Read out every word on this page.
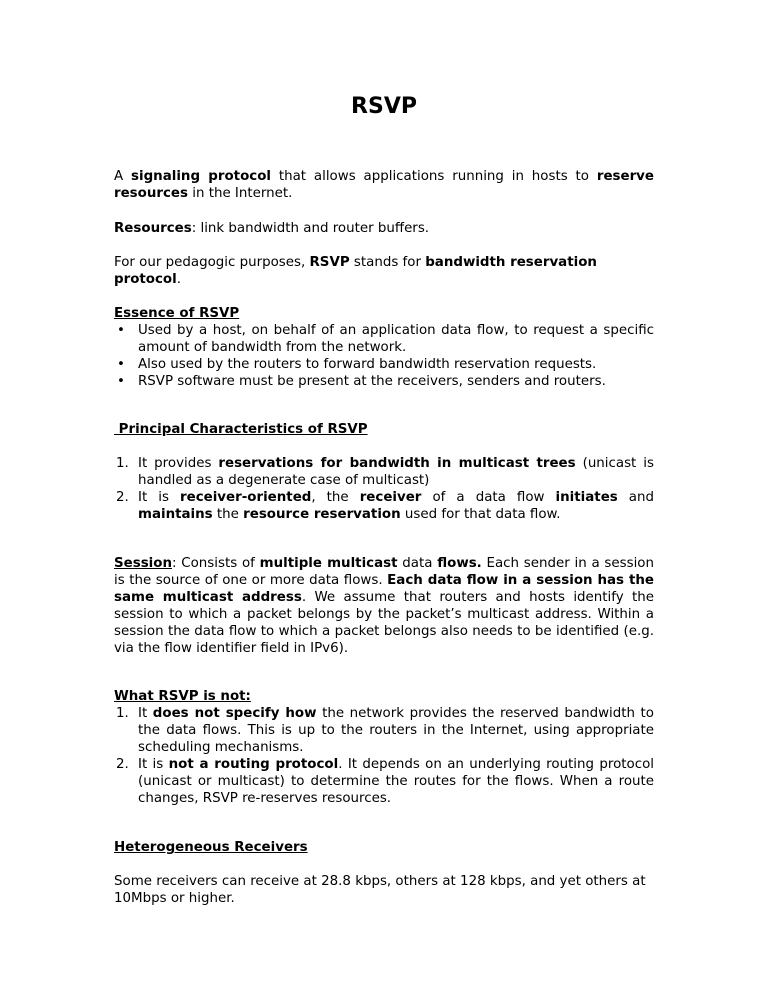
RSVP

A signaling protocol that allows applications running in hosts to reserve resources in the Internet.

Resources: link bandwidth and router buffers.

For our pedagogic purposes, RSVP stands for bandwidth reservation protocol.

Essence of RSVP
• Used by a host, on behalf of an application data flow, to request a specific amount of bandwidth from the network.
• Also used by the routers to forward bandwidth reservation requests.
• RSVP software must be present at the receivers, senders and routers.
Principal Characteristics of RSVP
1. It provides reservations for bandwidth in multicast trees (unicast is handled as a degenerate case of multicast)
2. It is receiver-oriented, the receiver of a data flow initiates and maintains the resource reservation used for that data flow.

Session: Consists of multiple multicast data flows. Each sender in a session is the source of one or more data flows. Each data flow in a session has the same multicast address. We assume that routers and hosts identify the session to which a packet belongs by the packet’s multicast address. Within a session the data flow to which a packet belongs also needs to be identified (e.g. via the flow identifier field in IPv6).

What RSVP is not:
1. It does not specify how the network provides the reserved bandwidth to the data flows. This is up to the routers in the Internet, using appropriate scheduling mechanisms.
2. It is not a routing protocol. It depends on an underlying routing protocol (unicast or multicast) to determine the routes for the flows. When a route changes, RSVP re-reserves resources.
Heterogeneous Receivers

Some receivers can receive at 28.8 kbps, others at 128 kbps, and yet others at 10Mbps or higher.
